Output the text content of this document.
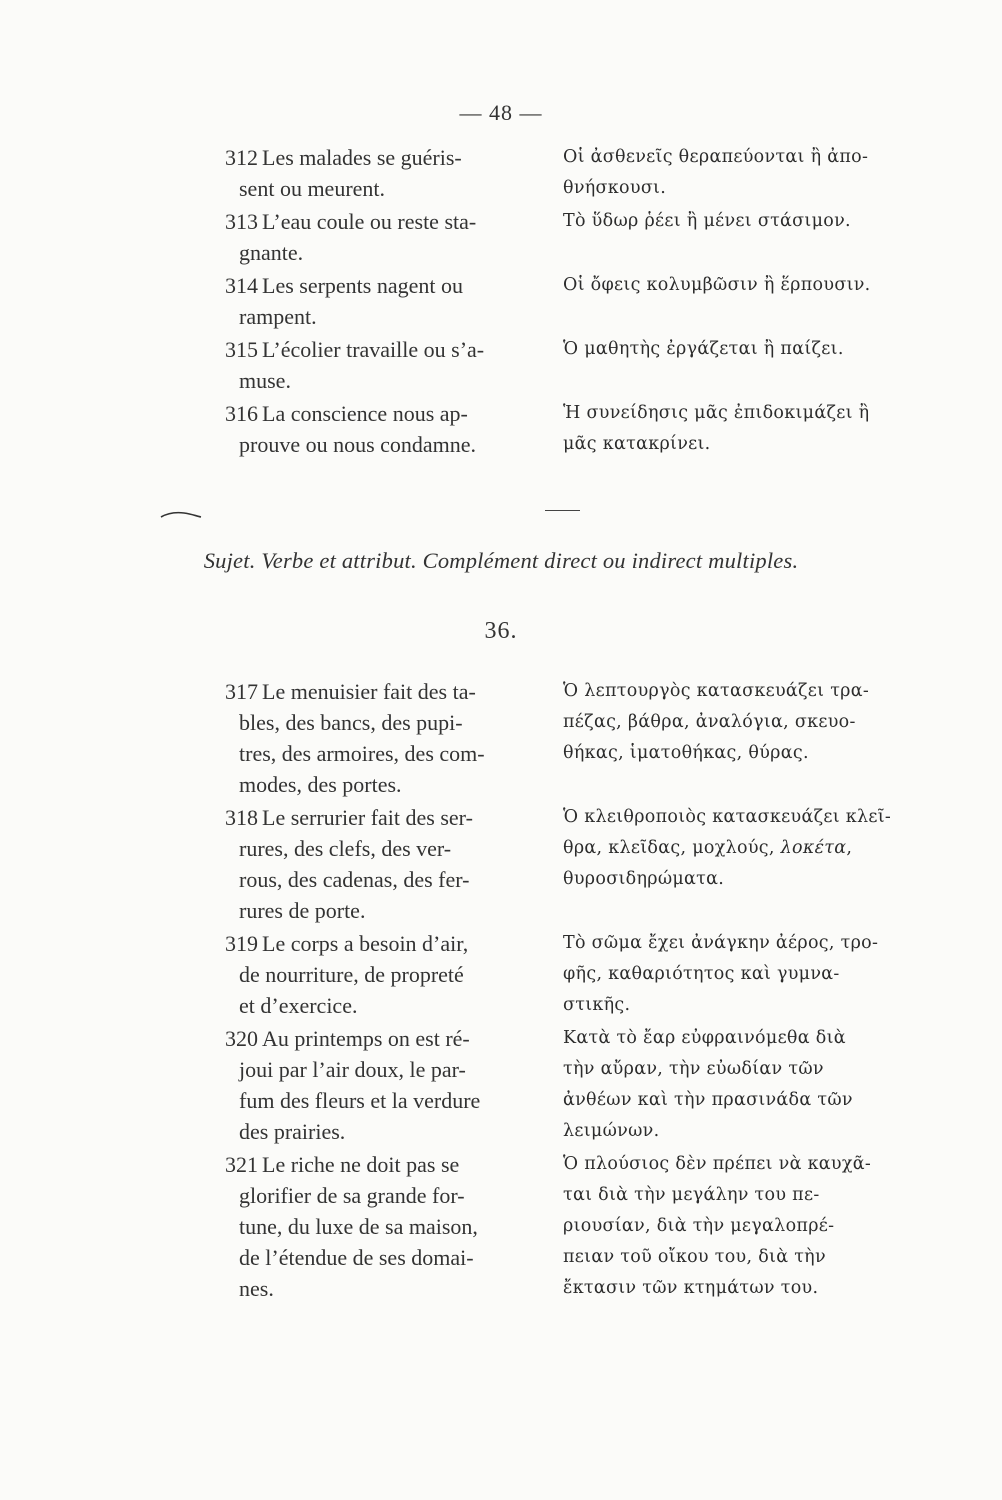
— 48 —
312 Les malades se guéris-
sent ou meurent.
Οἱ ἀσθενεῖς θεραπεύονται ἢ ἀπο-
θνήσκουσι.
313 L’eau coule ou reste sta-
gnante.
Τὸ ὕδωρ ῥέει ἢ μένει στάσιμον.
314 Les serpents nagent ou
rampent.
Οἱ ὄφεις κολυμβῶσιν ἢ ἕρπουσιν.
315 L’écolier travaille ou s’a-
muse.
Ὁ μαθητὴς ἐργάζεται ἢ παίζει.
316 La conscience nous ap-
prouve ou nous condamne.
Ἡ συνείδησις μᾶς ἐπιδοκιμάζει ἢ
μᾶς κατακρίνει.
317 Le menuisier fait des ta-
bles, des bancs, des pupi-
tres, des armoires, des com-
modes, des portes.
Ὁ λεπτουργὸς κατασκευάζει τρα-
πέζας, βάθρα, ἀναλόγια, σκευο-
θήκας, ἱματοθήκας, θύρας.
318 Le serrurier fait des ser-
rures, des clefs, des ver-
rous, des cadenas, des fer-
rures de porte.
Ὁ κλειθροποιὸς κατασκευάζει κλεῖ-
θρα, κλεῖδας, μοχλούς, λοκέτα,
θυροσιδηρώματα.
319 Le corps a besoin d’air,
de nourriture, de propreté
et d’exercice.
Τὸ σῶμα ἔχει ἀνάγκην ἀέρος, τρο-
φῆς, καθαριότητος καὶ γυμνα-
στικῆς.
320 Au printemps on est ré-
joui par l’air doux, le par-
fum des fleurs et la verdure
des prairies.
Κατὰ τὸ ἔαρ εὐφραινόμεθα διὰ
τὴν αὔραν, τὴν εὐωδίαν τῶν
ἀνθέων καὶ τὴν πρασινάδα τῶν
λειμώνων.
321 Le riche ne doit pas se
glorifier de sa grande for-
tune, du luxe de sa maison,
de l’étendue de ses domai-
nes.
Ὁ πλούσιος δὲν πρέπει νὰ καυχᾶ-
ται διὰ τὴν μεγάλην του πε-
ριουσίαν, διὰ τὴν μεγαλοπρέ-
πειαν τοῦ οἴκου του, διὰ τὴν
ἔκτασιν τῶν κτημάτων του.
Sujet. Verbe et attribut. Complément direct ou indirect multiples.
36.
